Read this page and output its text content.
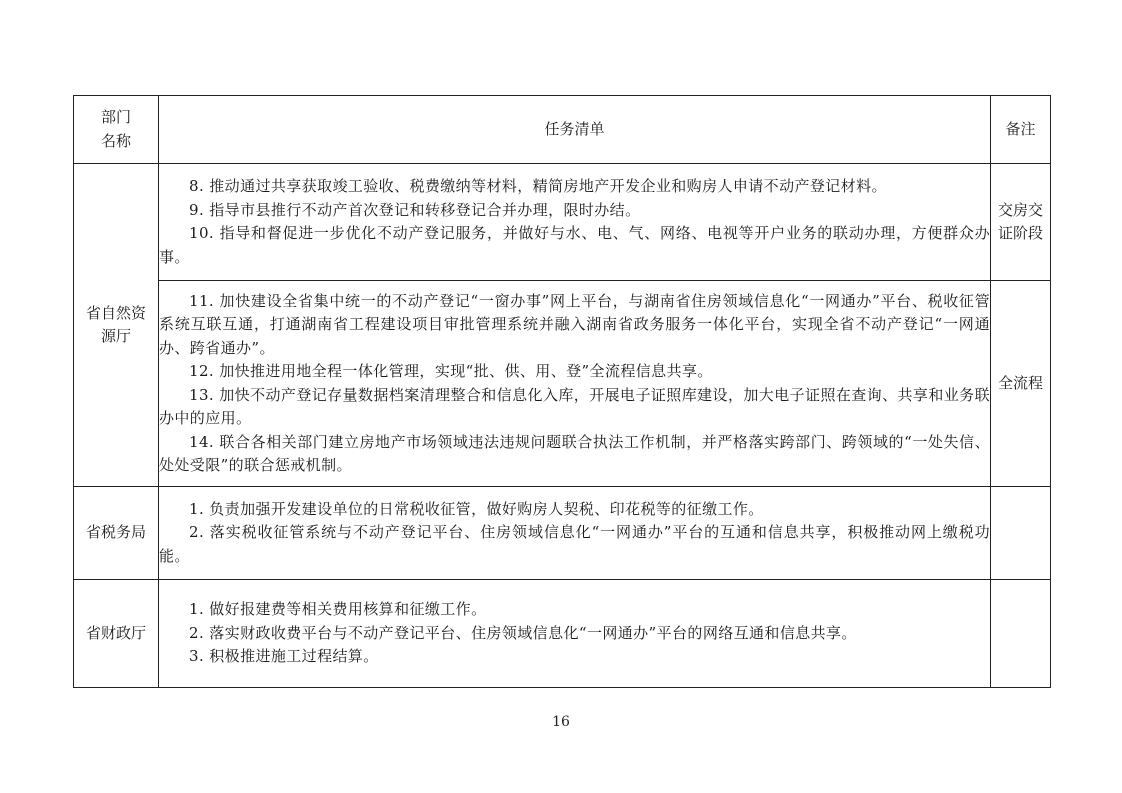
部门
名称	任务清单	备注
省自然资源厅	8. 推动通过共享获取竣工验收、税费缴纳等材料，精简房地产开发企业和购房人申请不动产登记材料。
9. 指导市县推行不动产首次登记和转移登记合并办理，限时办结。
10. 指导和督促进一步优化不动产登记服务，并做好与水、电、气、网络、电视等开户业务的联动办理，方便群众办事。	交房交证阶段

	11. 加快建设全省集中统一的不动产登记“一窗办事”网上平台，与湖南省住房领域信息化“一网通办”平台、税收征管系统互联互通，打通湖南省工程建设项目审批管理系统并融入湖南省政务服务一体化平台，实现全省不动产登记“一网通办、跨省通办”。
12. 加快推进用地全程一体化管理，实现“批、供、用、登”全流程信息共享。
13. 加快不动产登记存量数据档案清理整合和信息化入库，开展电子证照库建设，加大电子证照在查询、共享和业务联办中的应用。
14. 联合各相关部门建立房地产市场领域违法违规问题联合执法工作机制，并严格落实跨部门、跨领域的“一处失信、处处受限”的联合惩戒机制。	全流程
省税务局	1. 负责加强开发建设单位的日常税收征管，做好购房人契税、印花税等的征缴工作。
2. 落实税收征管系统与不动产登记平台、住房领域信息化“一网通办”平台的互通和信息共享，积极推动网上缴税功能。	

省财政厅	1. 做好报建费等相关费用核算和征缴工作。
2. 落实财政收费平台与不动产登记平台、住房领域信息化“一网通办”平台的网络互通和信息共享。
3. 积极推进施工过程结算。	

16
